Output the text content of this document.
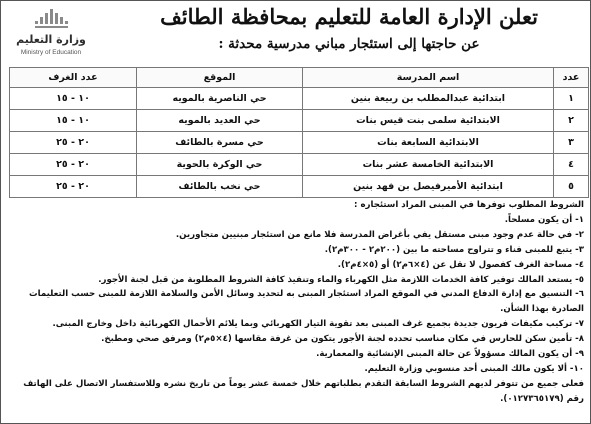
وزارة التعليم
Ministry of Education
تعلن الإدارة العامة للتعليم بمحافظة الطائف
عن حاجتها إلى استئجار مباني مدرسية محدثة :
عدد	اسم المدرسة	الموقع	عدد الغرف
١	ابتدائية عبدالمطلب بن ربيعة بنين	حي الناصرية بالمويه	١٠ - ١٥
٢	الابتدائية سلمى بنت قيس بنات	حي العديد بالمويه	١٠ - ١٥
٣	الابتدائية السابعة بنات	حي مسرة بالطائف	٢٠ - ٢٥
٤	الابتدائية الخامسة عشر بنات	حي الوكرة بالحوية	٢٠ - ٢٥
٥	ابتدائية الأميرفيصل بن فهد بنين	حي نخب بالطائف	٢٠ - ٢٥

الشروط المطلوب توفرها في المبنى المراد استئجاره :

١- أن يكون مسلحاً.

٢- في حالة عدم وجود مبنى مستقل يفي بأغراض المدرسة فلا مانع من استئجار مبنيين متجاورين.

٣- يتبع للمبنى فناء و تتراوح مساحته ما بين (٢٠٠م٢ - ٣٠٠م٢).

٤- مساحة الغرف كفصول لا تقل عن (٤×٦م٢) أو (٥×٤م٢).

٥- يستعد المالك توفير كافة الخدمات اللازمة مثل الكهرباء والماء وتنفيذ كافة الشروط المطلوبة من قبل لجنة الأجور.

٦- التنسيق مع إدارة الدفاع المدني في الموقع المراد استئجار المبنى به لتحديد وسائل الأمن والسلامة اللازمة للمبنى حسب التعليمات الصادرة بهذا الشأن.

٧- تركيب مكيفات فريون جديدة بجميع غرف المبنى بعد تقوية التيار الكهربائي وبما يلائم الأحمال الكهربائية داخل وخارج المبنى.

٨- تأمين سكن للحارس في مكان مناسب تحدده لجنة الأجور يتكون من غرفة مقاسها (٤×٥م٢) ومرفق صحي ومطبخ.

٩- أن يكون المالك مسؤولاً عن حالة المبنى الإنشائية والمعمارية.

١٠- ألا يكون مالك المبنى أحد منسوبي وزارة التعليم.

فعلى جميع من تتوفر لديهم الشروط السابقة التقدم بطلباتهم خلال خمسة عشر يوماً من تاريخ نشره وللاستفسار الاتصال على الهاتف رقم (٠١٢٧٣٦٥١٧٩).
